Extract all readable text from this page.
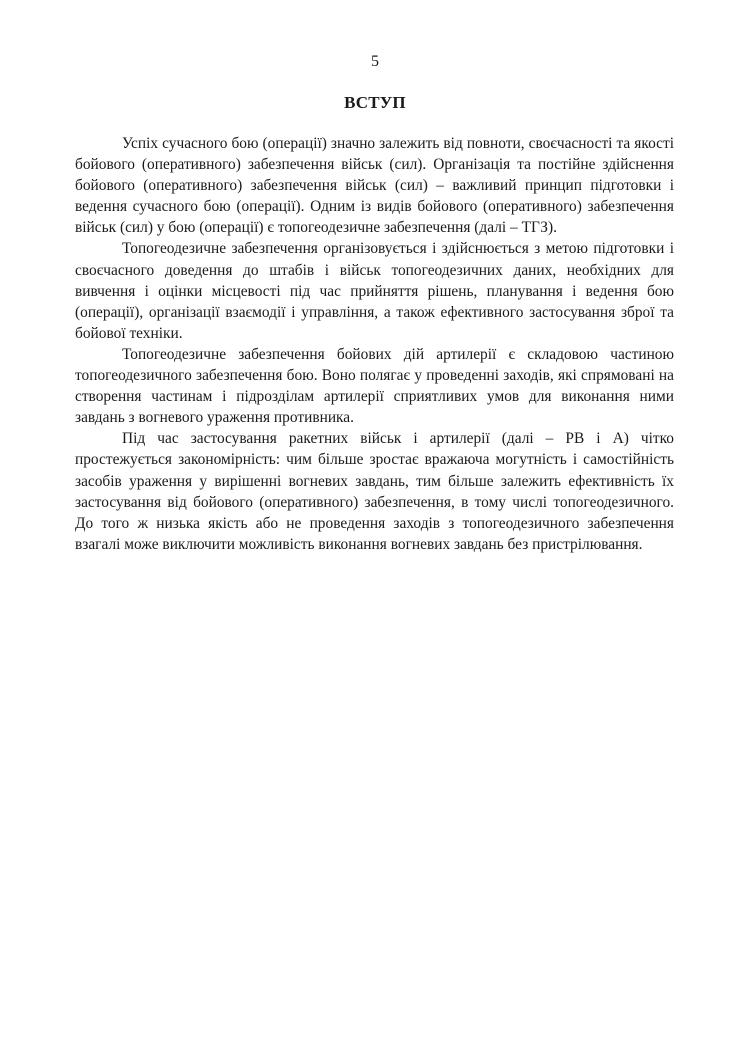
5
ВСТУП

Успіх сучасного бою (операції) значно залежить від повноти, своєчасності та якості бойового (оперативного) забезпечення військ (сил). Організація та постійне здійснення бойового (оперативного) забезпечення військ (сил) – важливий принцип підготовки і ведення сучасного бою (операції). Одним із видів бойового (оперативного) забезпечення військ (сил) у бою (операції) є топогеодезичне забезпечення (далі – ТГЗ).

Топогеодезичне забезпечення організовується і здійснюється з метою підготовки і своєчасного доведення до штабів і військ топогеодезичних даних, необхідних для вивчення і оцінки місцевості під час прийняття рішень, планування і ведення бою (операції), організації взаємодії і управління, а також ефективного застосування зброї та бойової техніки.

Топогеодезичне забезпечення бойових дій артилерії є складовою частиною топогеодезичного забезпечення бою. Воно полягає у проведенні заходів, які спрямовані на створення частинам і підрозділам артилерії сприятливих умов для виконання ними завдань з вогневого ураження противника.

Під час застосування ракетних військ і артилерії (далі – РВ і А) чітко простежується закономірність: чим більше зростає вражаюча могутність і самостійність засобів ураження у вирішенні вогневих завдань, тим більше залежить ефективність їх застосування від бойового (оперативного) забезпечення, в тому числі топогеодезичного. До того ж низька якість або не проведення заходів з топогеодезичного забезпечення взагалі може виключити можливість виконання вогневих завдань без пристрілювання.
